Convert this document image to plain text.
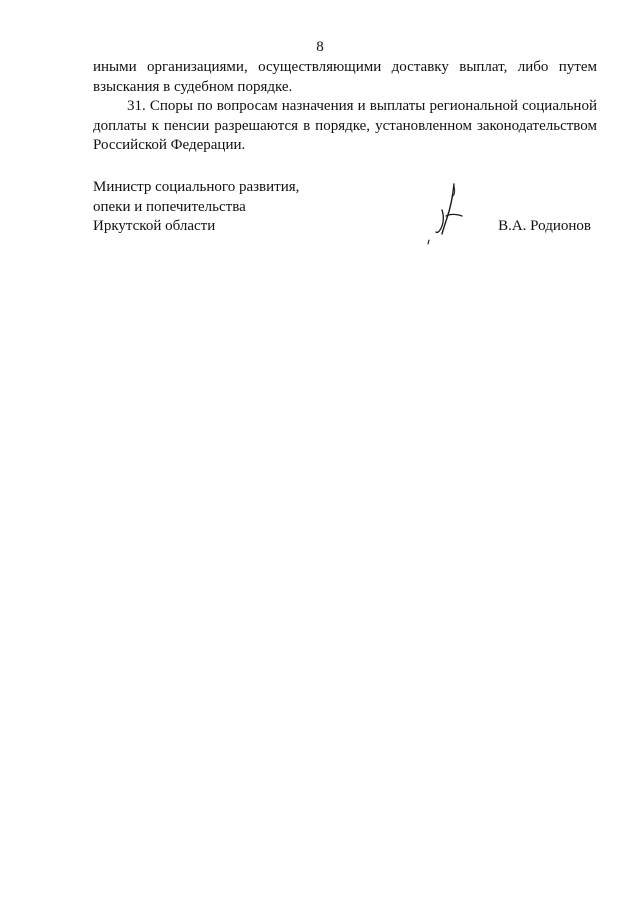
8
иными организациями, осуществляющими доставку выплат, либо путем
взыскания в судебном порядке.
31. Споры по вопросам назначения и выплаты региональной социальной
доплаты к пенсии разрешаются в порядке, установленном законодательством
Российской Федерации.
Министр социального развития,
опеки и попечительства
Иркутской области	В.А. Родионов
